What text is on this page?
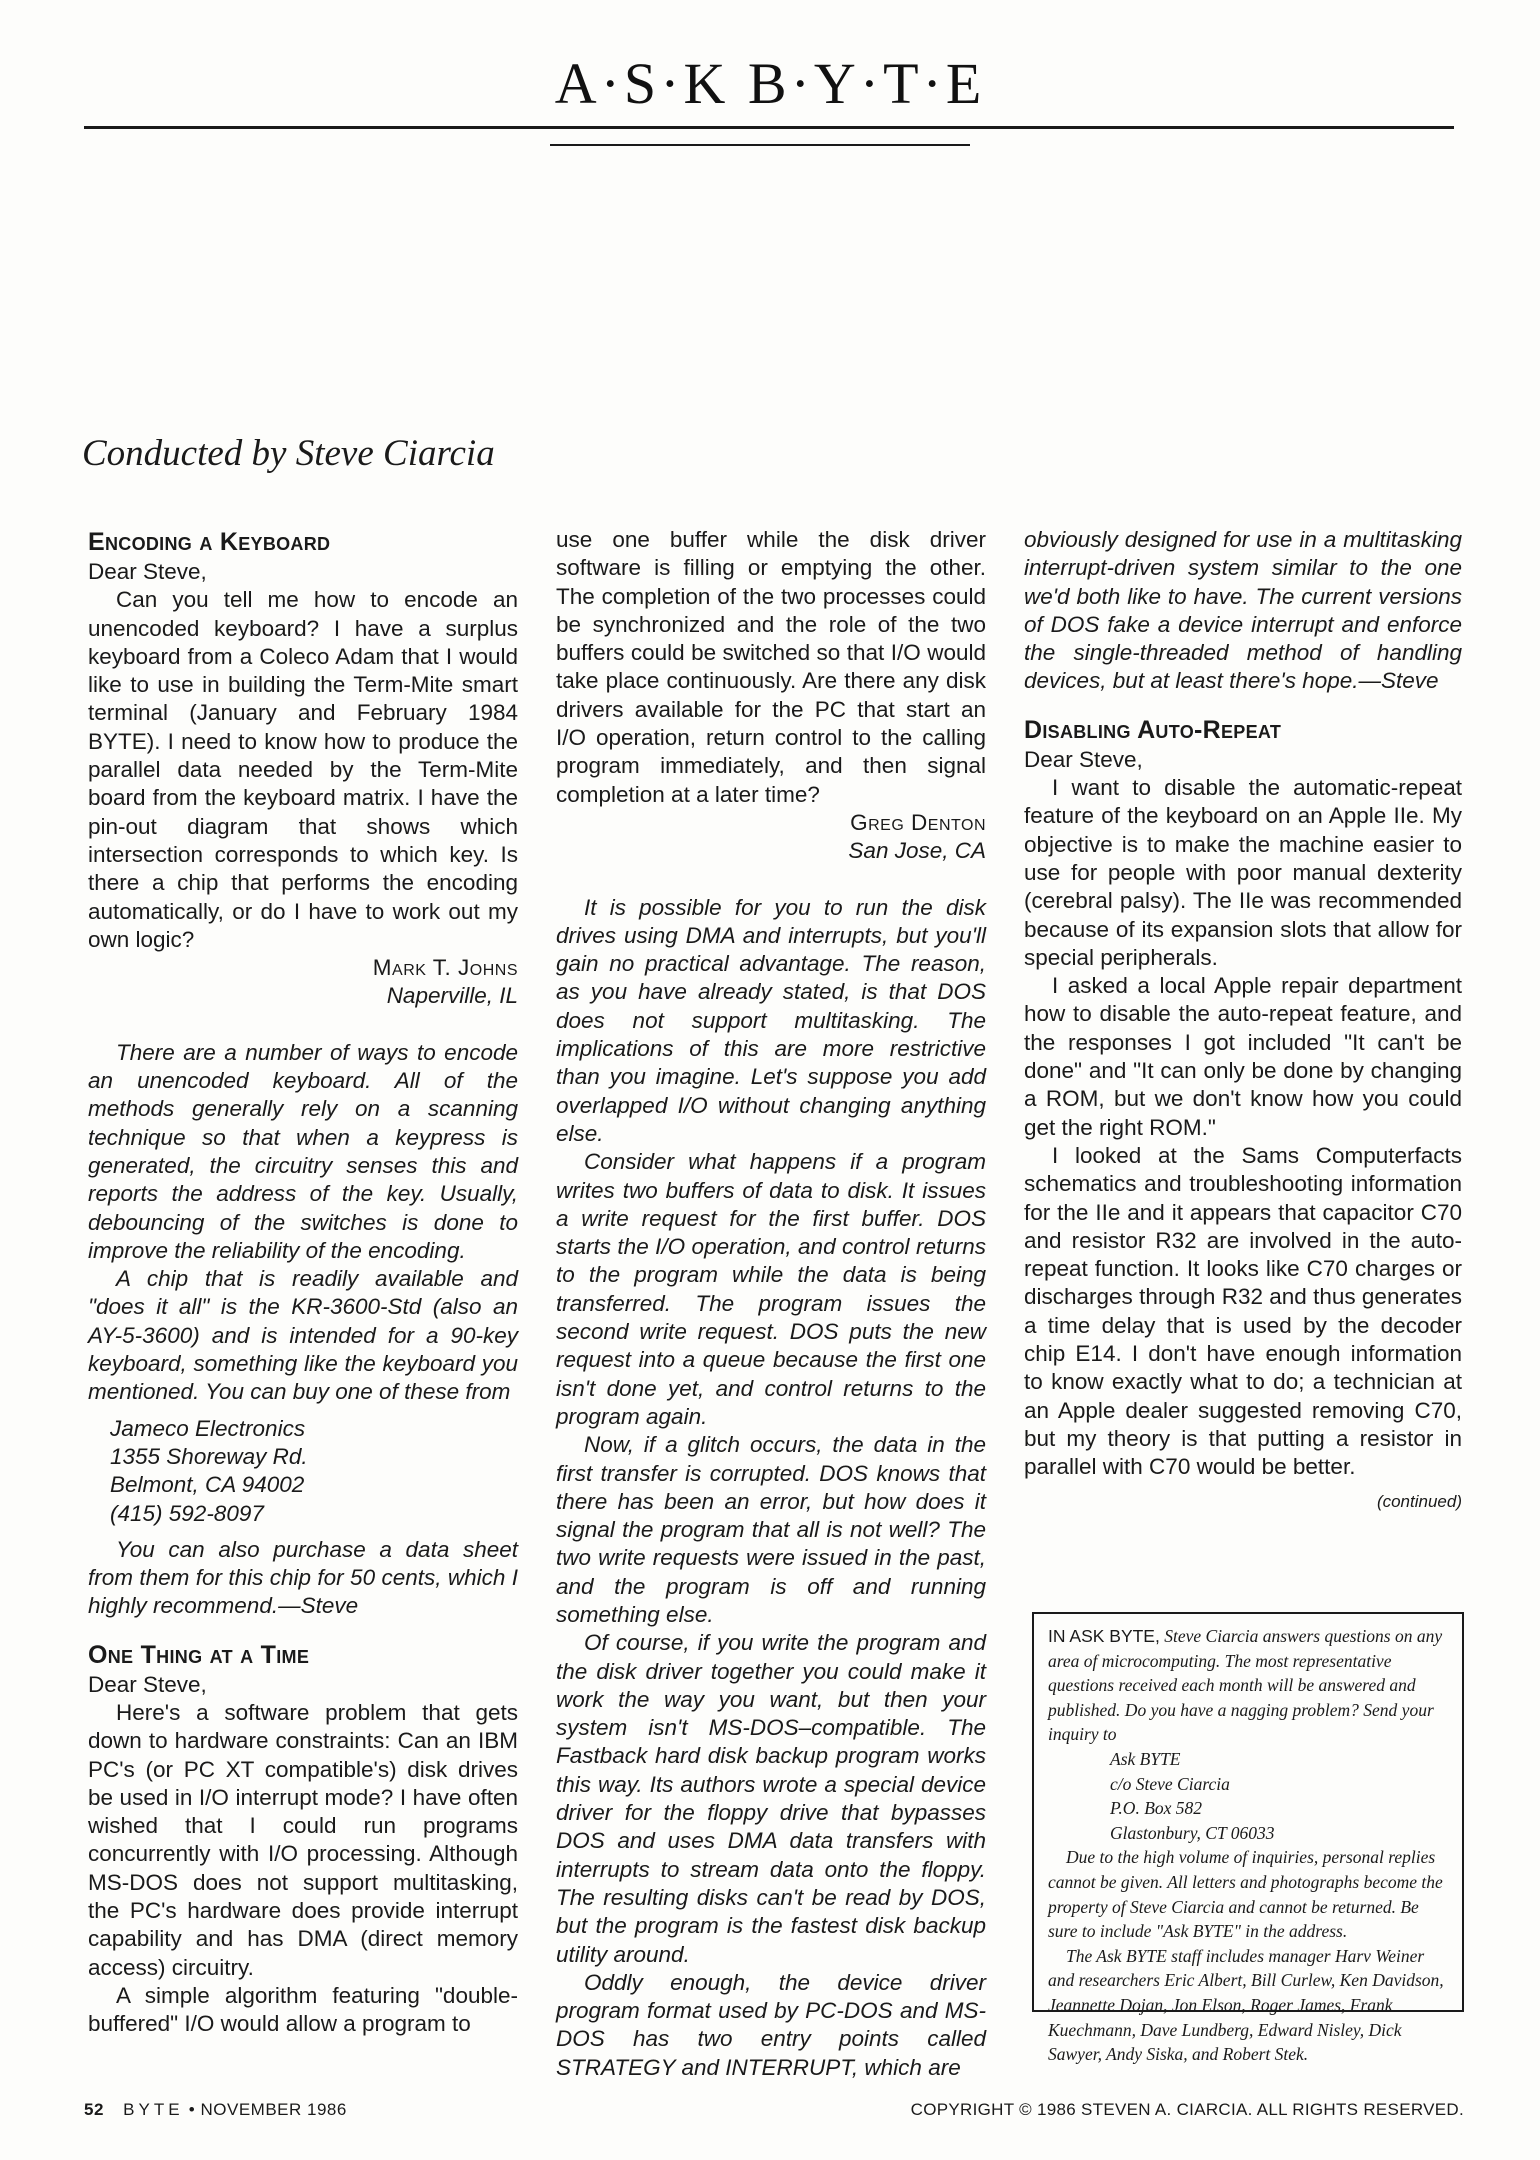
A·S·K B·Y·T·E
Conducted by Steve Ciarcia
Encoding a Keyboard

Dear Steve,

Can you tell me how to encode an unencoded keyboard? I have a surplus keyboard from a Coleco Adam that I would like to use in building the Term-Mite smart terminal (January and February 1984 BYTE). I need to know how to produce the parallel data needed by the Term-Mite board from the keyboard matrix. I have the pin-out diagram that shows which intersection corresponds to which key. Is there a chip that performs the encoding automatically, or do I have to work out my own logic?

Mark T. Johns
Naperville, IL

There are a number of ways to encode an unencoded keyboard. All of the methods generally rely on a scanning technique so that when a keypress is generated, the circuitry senses this and reports the address of the key. Usually, debouncing of the switches is done to improve the reliability of the encoding.

A chip that is readily available and "does it all" is the KR-3600-Std (also an AY-5-3600) and is intended for a 90-key keyboard, something like the keyboard you mentioned. You can buy one of these from

Jameco Electronics
1355 Shoreway Rd.
Belmont, CA 94002
(415) 592-8097

You can also purchase a data sheet from them for this chip for 50 cents, which I highly recommend.—Steve

One Thing at a Time

Dear Steve,

Here's a software problem that gets down to hardware constraints: Can an IBM PC's (or PC XT compatible's) disk drives be used in I/O interrupt mode? I have often wished that I could run programs concurrently with I/O processing. Although MS-DOS does not support multitasking, the PC's hardware does provide interrupt capability and has DMA (direct memory access) circuitry.

A simple algorithm featuring "double-buffered" I/O would allow a program to

use one buffer while the disk driver software is filling or emptying the other. The completion of the two processes could be synchronized and the role of the two buffers could be switched so that I/O would take place continuously. Are there any disk drivers available for the PC that start an I/O operation, return control to the calling program immediately, and then signal completion at a later time?

Greg Denton
San Jose, CA

It is possible for you to run the disk drives using DMA and interrupts, but you'll gain no practical advantage. The reason, as you have already stated, is that DOS does not support multitasking. The implications of this are more restrictive than you imagine. Let's suppose you add overlapped I/O without changing anything else.

Consider what happens if a program writes two buffers of data to disk. It issues a write request for the first buffer. DOS starts the I/O operation, and control returns to the program while the data is being transferred. The program issues the second write request. DOS puts the new request into a queue because the first one isn't done yet, and control returns to the program again.

Now, if a glitch occurs, the data in the first transfer is corrupted. DOS knows that there has been an error, but how does it signal the program that all is not well? The two write requests were issued in the past, and the program is off and running something else.

Of course, if you write the program and the disk driver together you could make it work the way you want, but then your system isn't MS-DOS–compatible. The Fastback hard disk backup program works this way. Its authors wrote a special device driver for the floppy drive that bypasses DOS and uses DMA data transfers with interrupts to stream data onto the floppy. The resulting disks can't be read by DOS, but the program is the fastest disk backup utility around.

Oddly enough, the device driver program format used by PC-DOS and MS-DOS has two entry points called STRATEGY and INTERRUPT, which are

obviously designed for use in a multitasking interrupt-driven system similar to the one we'd both like to have. The current versions of DOS fake a device interrupt and enforce the single-threaded method of handling devices, but at least there's hope.—Steve

Disabling Auto-Repeat

Dear Steve,

I want to disable the automatic-repeat feature of the keyboard on an Apple IIe. My objective is to make the machine easier to use for people with poor manual dexterity (cerebral palsy). The IIe was recommended because of its expansion slots that allow for special peripherals.

I asked a local Apple repair department how to disable the auto-repeat feature, and the responses I got included "It can't be done" and "It can only be done by changing a ROM, but we don't know how you could get the right ROM."

I looked at the Sams Computerfacts schematics and troubleshooting information for the IIe and it appears that capacitor C70 and resistor R32 are involved in the auto-repeat function. It looks like C70 charges or discharges through R32 and thus generates a time delay that is used by the decoder chip E14. I don't have enough information to know exactly what to do; a technician at an Apple dealer suggested removing C70, but my theory is that putting a resistor in parallel with C70 would be better.

(continued)

IN ASK BYTE, Steve Ciarcia answers questions on any area of microcomputing. The most representative questions received each month will be answered and published. Do you have a nagging problem? Send your inquiry to

Ask BYTE
c/o Steve Ciarcia
P.O. Box 582
Glastonbury, CT 06033

Due to the high volume of inquiries, personal replies cannot be given. All letters and photographs become the property of Steve Ciarcia and cannot be returned. Be sure to include "Ask BYTE" in the address.

The Ask BYTE staff includes manager Harv Weiner and researchers Eric Albert, Bill Curlew, Ken Davidson, Jeannette Dojan, Jon Elson, Roger James, Frank Kuechmann, Dave Lundberg, Edward Nisley, Dick Sawyer, Andy Siska, and Robert Stek.

52 BYTE • NOVEMBER 1986	COPYRIGHT © 1986 STEVEN A. CIARCIA. ALL RIGHTS RESERVED.
